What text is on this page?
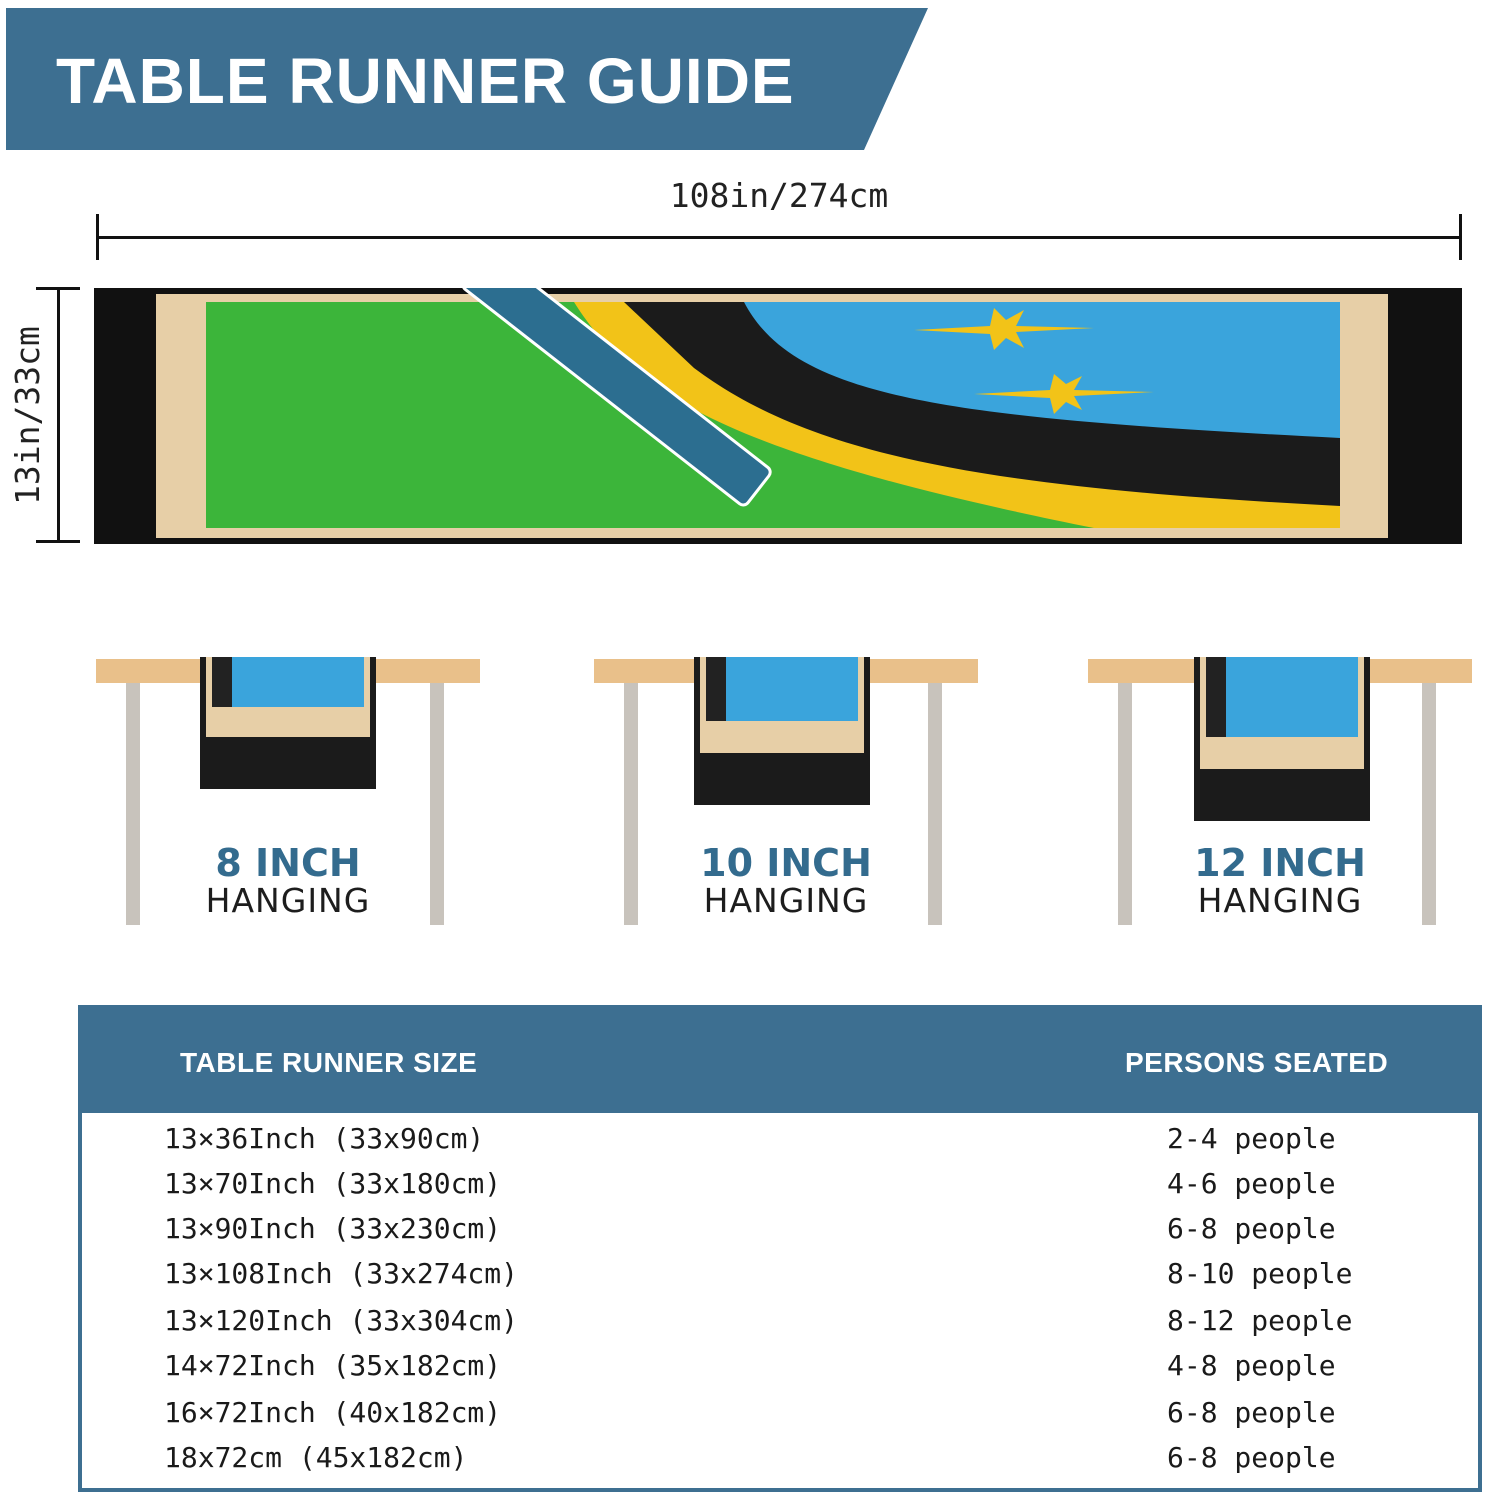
TABLE RUNNER GUIDE
108in/274cm
13in/33cm
8 INCH
HANGING
10 INCH
HANGING
12 INCH
HANGING
TABLE RUNNER SIZE	PERSONS SEATED
13×36Inch (33x90cm)	2-4 people
13×70Inch (33x180cm)	4-6 people
13×90Inch (33x230cm)	6-8 people
13×108Inch (33x274cm)	8-10 people
13×120Inch (33x304cm)	8-12 people
14×72Inch (35x182cm)	4-8 people
16×72Inch (40x182cm)	6-8 people
18x72cm (45x182cm)	6-8 people
